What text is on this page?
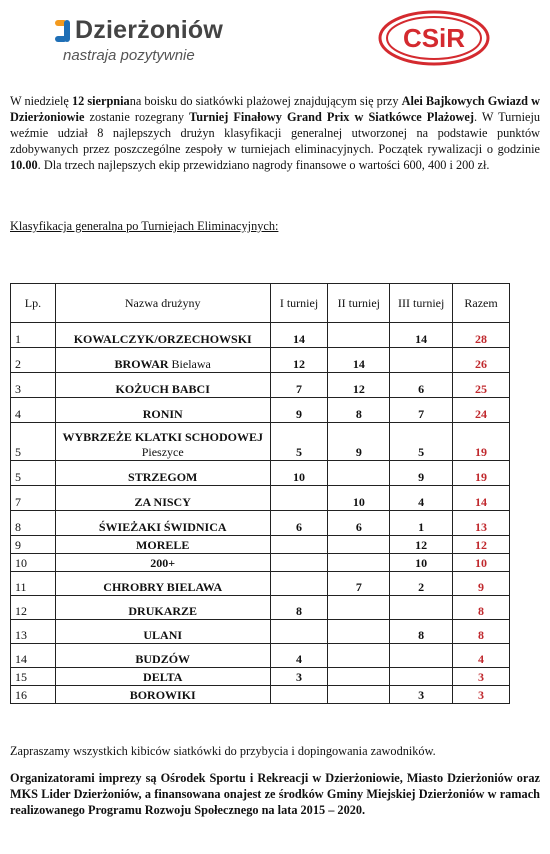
Dzierżoniów
nastraja pozytywnie
CSiR

W niedzielę 12 sierpniana boisku do siatkówki plażowej znajdującym się przy Alei Bajkowych Gwiazd w Dzierżoniowie zostanie rozegrany Turniej Finałowy Grand Prix w Siatkówce Plażowej. W Turnieju weźmie udział 8 najlepszych drużyn klasyfikacji generalnej utworzonej na podstawie punktów zdobywanych przez poszczególne zespoły w turniejach eliminacyjnych. Początek rywalizacji o godzinie 10.00. Dla trzech najlepszych ekip przewidziano nagrody finansowe o wartości 600, 400 i 200 zł.

Klasyfikacja generalna po Turniejach Eliminacyjnych:

Lp.	Nazwa drużyny	I turniej	II turniej	III turniej	Razem
1	KOWALCZYK/ORZECHOWSKI	14		14	28
2	BROWAR Bielawa	12	14		26
3	KOŻUCH BABCI	7	12	6	25
4	RONIN	9	8	7	24
5	WYBRZEŻE KLATKI SCHODOWEJ Pieszyce	5	9	5	19
5	STRZEGOM	10		9	19
7	ZA NISCY		10	4	14
8	ŚWIEŻAKI ŚWIDNICA	6	6	1	13
9	MORELE			12	12
10	200+			10	10
11	CHROBRY BIELAWA		7	2	9
12	DRUKARZE	8			8
13	ULANI			8	8
14	BUDZÓW	4			4
15	DELTA	3			3
16	BOROWIKI			3	3

Zapraszamy wszystkich kibiców siatkówki do przybycia i dopingowania zawodników.

Organizatorami imprezy są Ośrodek Sportu i Rekreacji w Dzierżoniowie, Miasto Dzierżoniów oraz MKS Lider Dzierżoniów, a finansowana onajest ze środków Gminy Miejskiej Dzierżoniów w ramach realizowanego Programu Rozwoju Społecznego na lata 2015 – 2020.
